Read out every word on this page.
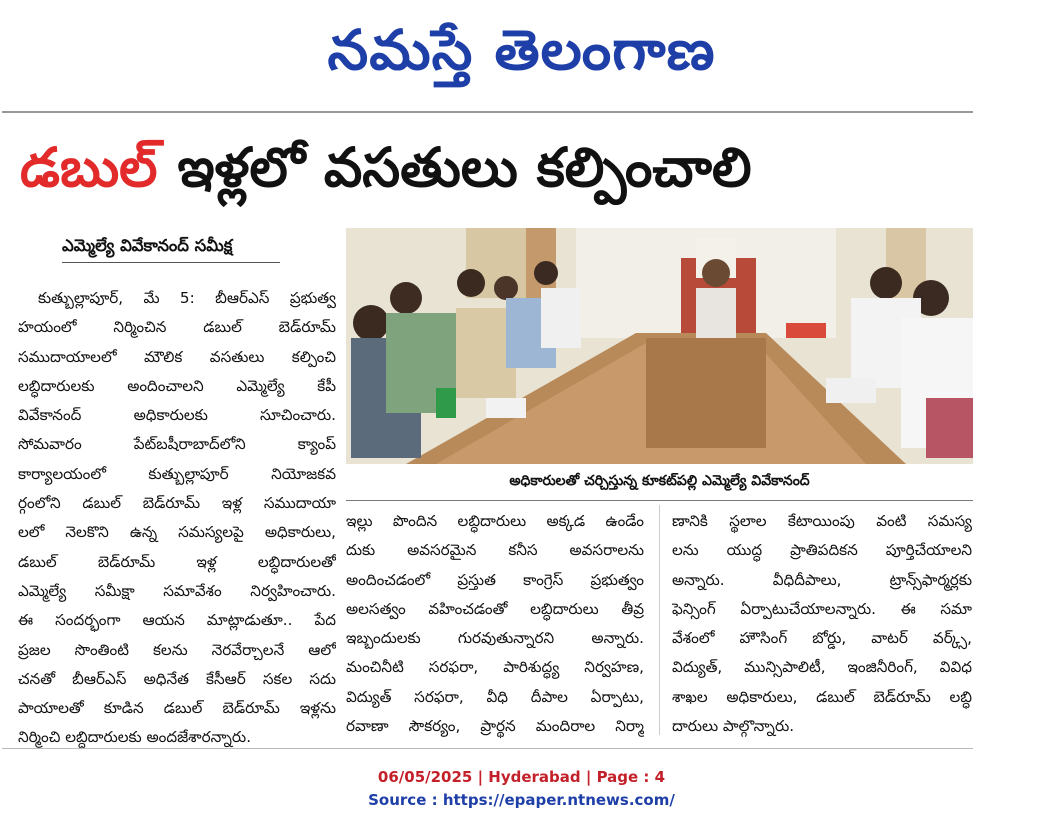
నమస్తే తెలంగాణ
డబుల్ ఇళ్లలో వసతులు కల్పించాలి
ఎమ్మెల్యే వివేకానంద్ సమీక్ష
అధికారులతో చర్చిస్తున్న కూకట్‌పల్లి ఎమ్మెల్యే వివేకానంద్
కుత్బుల్లాపూర్, మే 5: బీఆర్‌ఎస్ ప్రభుత్వ
హయంలో నిర్మించిన డబుల్ బెడ్‌రూమ్
సముదాయాలలో మౌలిక వసతులు కల్పించి
లబ్ధిదారులకు అందించాలని ఎమ్మెల్యే కేపీ
వివేకానంద్ అధికారులకు సూచించారు.
సోమవారం పేట్‌బషీరాబాద్‌లోని క్యాంప్
కార్యాలయంలో కుత్బుల్లాపూర్ నియోజకవ
ర్గంలోని డబుల్ బెడ్‌రూమ్ ఇళ్ల సముదాయా
లలో నెలకొని ఉన్న సమస్యలపై అధికారులు,
డబుల్ బెడ్‌రూమ్ ఇళ్ల లబ్ధిదారులతో
ఎమ్మెల్యే సమీక్షా సమావేశం నిర్వహించారు.
ఈ సందర్భంగా ఆయన మాట్లాడుతూ.. పేద
ప్రజల సొంతింటి కలను నెరవేర్చాలనే ఆలో
చనతో బీఆర్‌ఎస్ అధినేత కేసీఆర్ సకల సదు
పాయాలతో కూడిన డబుల్ బెడ్‌రూమ్ ఇళ్లను
నిర్మించి లబ్ధిదారులకు అందజేశారన్నారు.
ఇల్లు పొందిన లబ్ధిదారులు అక్కడ ఉండేం
దుకు అవసరమైన కనీస అవసరాలను
అందించడంలో ప్రస్తుత కాంగ్రెస్ ప్రభుత్వం
అలసత్వం వహించడంతో లబ్ధిదారులు తీవ్ర
ఇబ్బందులకు గురవుతున్నారని అన్నారు.
మంచినీటి సరఫరా, పారిశుద్ధ్య నిర్వహణ,
విద్యుత్ సరఫరా, వీధి దీపాల ఏర్పాటు,
రవాణా సౌకర్యం, ప్రార్థన మందిరాల నిర్మా
ణానికి స్థలాల కేటాయింపు వంటి సమస్య
లను యుద్ధ ప్రాతిపదికన పూర్తిచేయాలని
అన్నారు. వీధిదీపాలు, ట్రాన్స్‌ఫార్మర్లకు
ఫెన్సింగ్ ఏర్పాటుచేయాలన్నారు. ఈ సమా
వేశంలో హౌసింగ్ బోర్డు, వాటర్ వర్క్స్,
విద్యుత్, మున్సిపాలిటీ, ఇంజినీరింగ్, వివిధ
శాఖల అధికారులు, డబుల్ బెడ్‌రూమ్ లబ్ధి
దారులు పాల్గొన్నారు.
06/05/2025 | Hyderabad | Page : 4
Source : https://epaper.ntnews.com/
